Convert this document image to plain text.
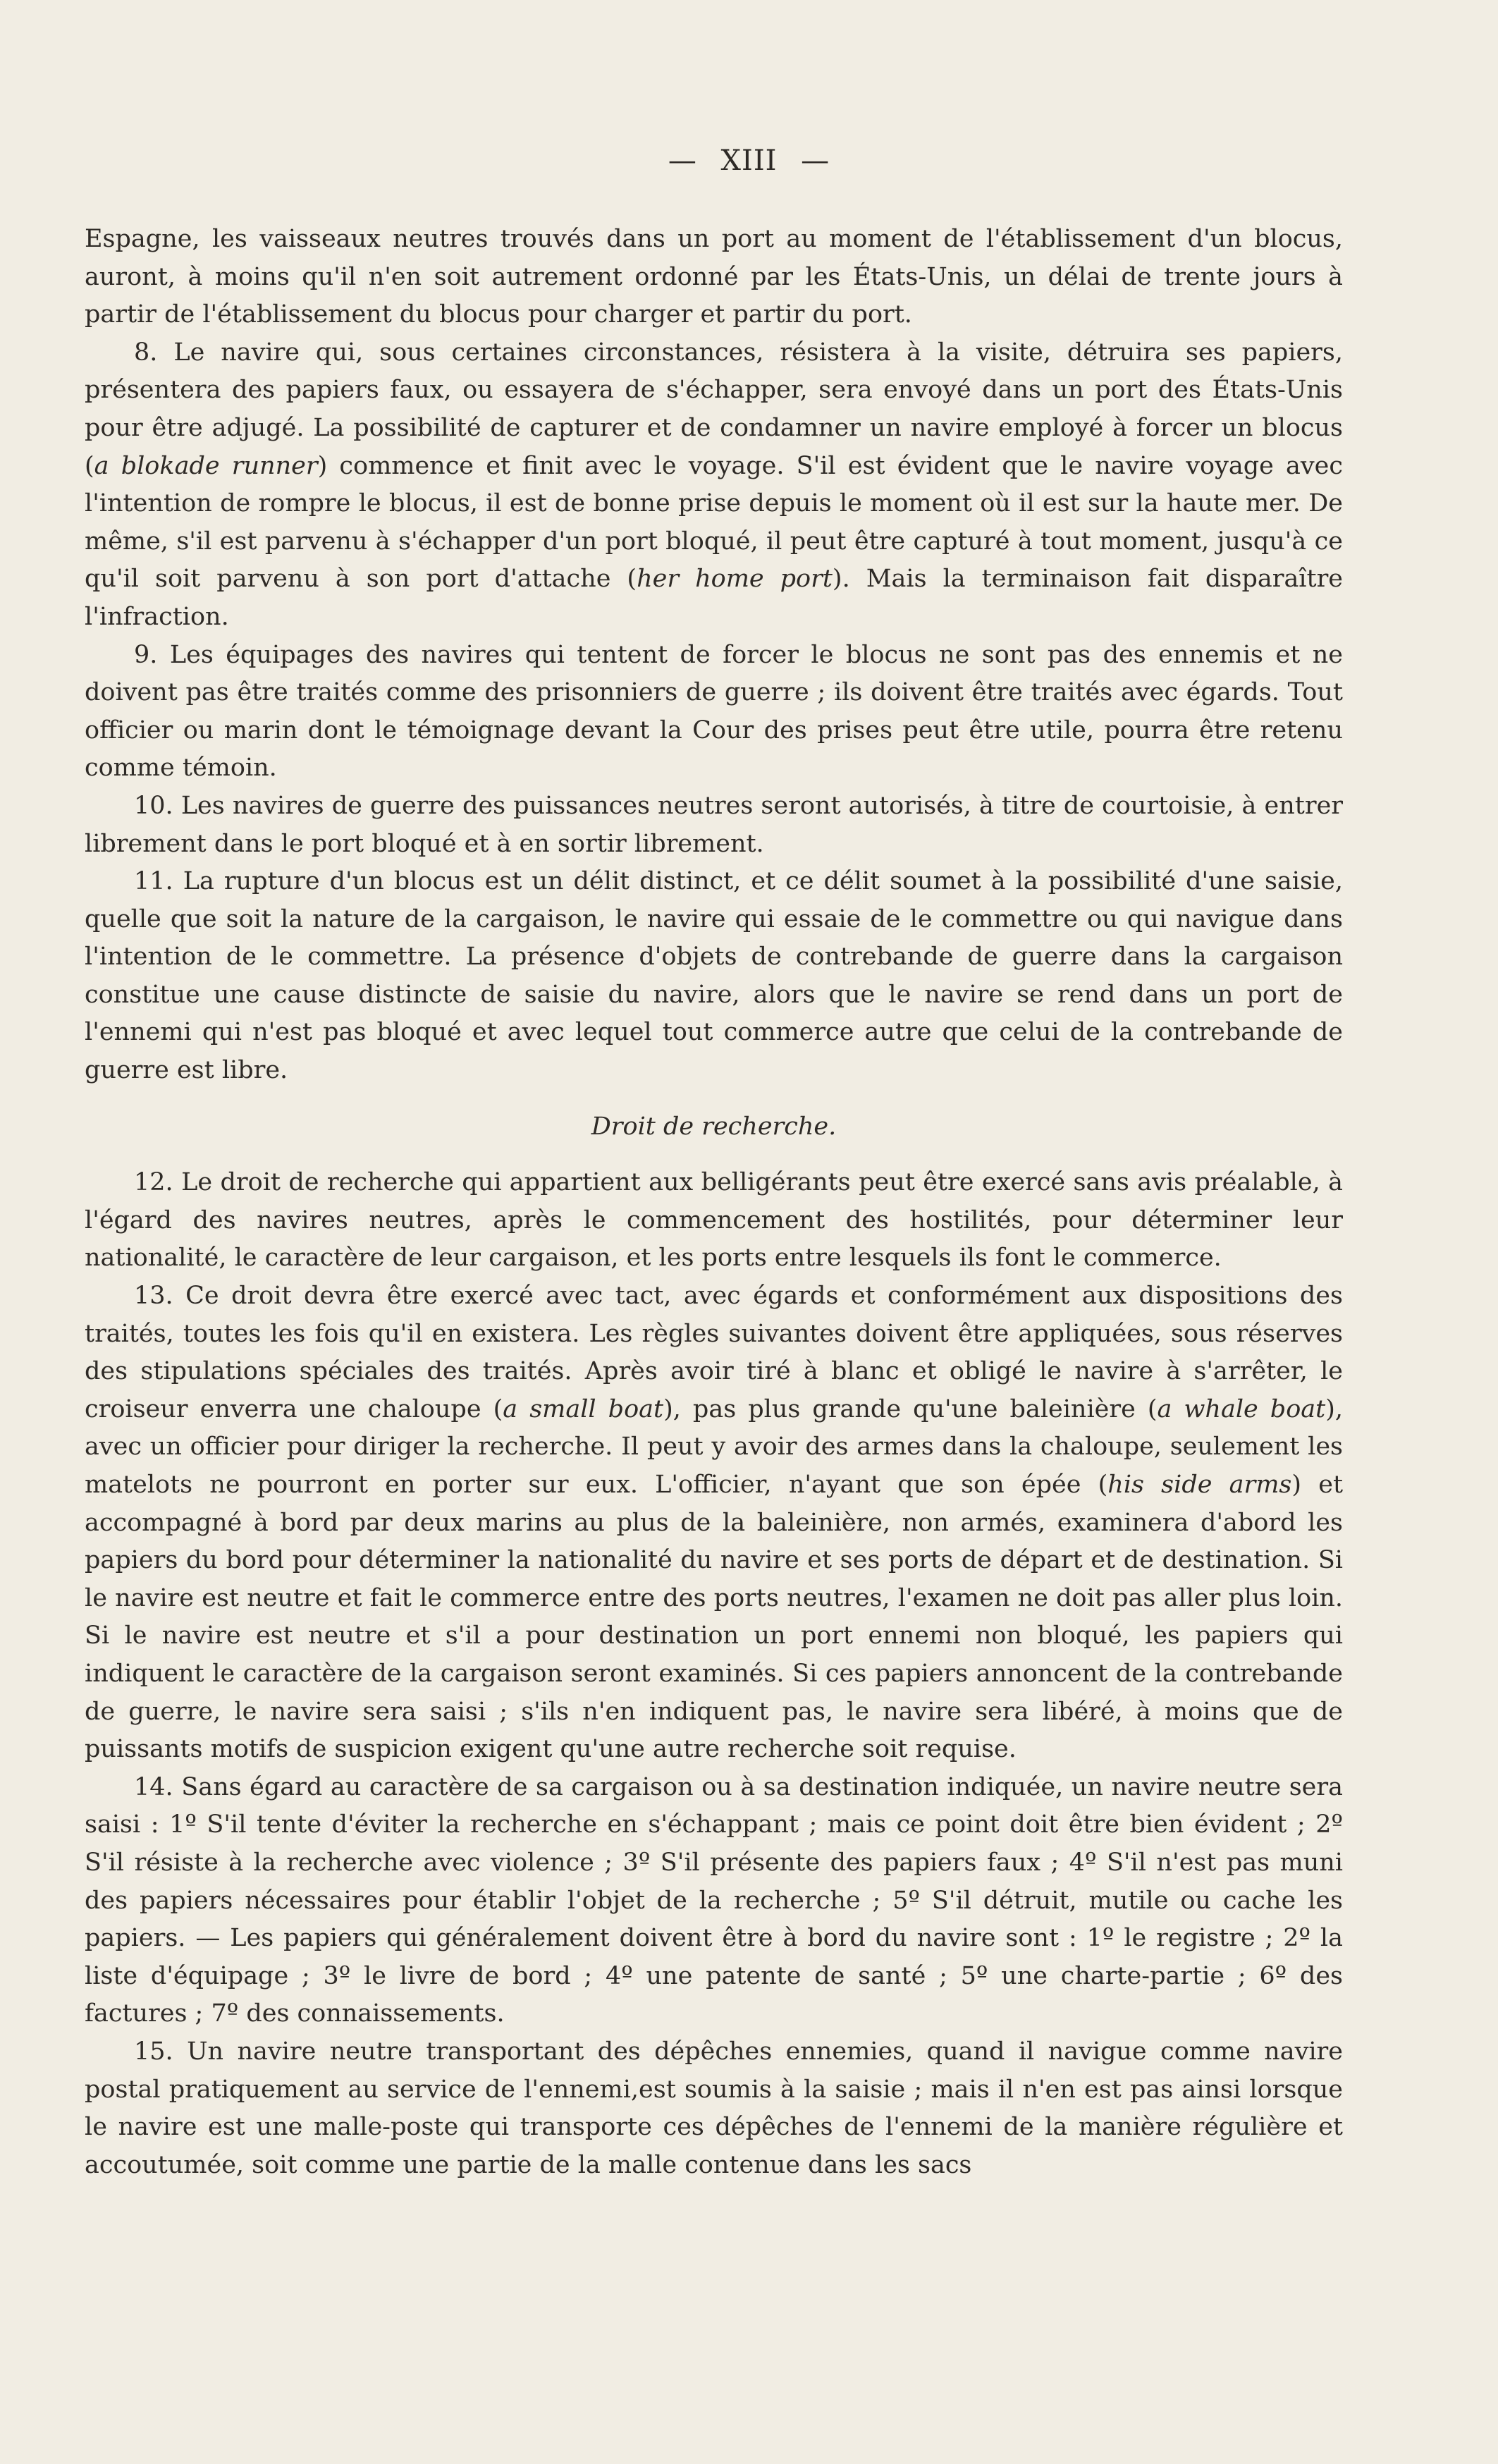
— XIII —

Espagne, les vaisseaux neutres trouvés dans un port au moment de l'établissement d'un blocus, auront, à moins qu'il n'en soit autrement ordonné par les États-Unis, un délai de trente jours à partir de l'établissement du blocus pour charger et partir du port.

8. Le navire qui, sous certaines circonstances, résistera à la visite, détruira ses papiers, présentera des papiers faux, ou essayera de s'échapper, sera envoyé dans un port des États-Unis pour être adjugé. La possibilité de capturer et de condamner un navire employé à forcer un blocus (a blokade runner) commence et finit avec le voyage. S'il est évident que le navire voyage avec l'intention de rompre le blocus, il est de bonne prise depuis le moment où il est sur la haute mer. De même, s'il est parvenu à s'échapper d'un port bloqué, il peut être capturé à tout moment, jusqu'à ce qu'il soit parvenu à son port d'attache (her home port). Mais la terminaison fait disparaître l'infraction.

9. Les équipages des navires qui tentent de forcer le blocus ne sont pas des ennemis et ne doivent pas être traités comme des prisonniers de guerre ; ils doivent être traités avec égards. Tout officier ou marin dont le témoignage devant la Cour des prises peut être utile, pourra être retenu comme témoin.

10. Les navires de guerre des puissances neutres seront autorisés, à titre de courtoisie, à entrer librement dans le port bloqué et à en sortir librement.

11. La rupture d'un blocus est un délit distinct, et ce délit soumet à la possibilité d'une saisie, quelle que soit la nature de la cargaison, le navire qui essaie de le commettre ou qui navigue dans l'intention de le commettre. La présence d'objets de contrebande de guerre dans la cargaison constitue une cause distincte de saisie du navire, alors que le navire se rend dans un port de l'ennemi qui n'est pas bloqué et avec lequel tout commerce autre que celui de la contrebande de guerre est libre.

Droit de recherche.

12. Le droit de recherche qui appartient aux belligérants peut être exercé sans avis préalable, à l'égard des navires neutres, après le commencement des hostilités, pour déterminer leur nationalité, le caractère de leur cargaison, et les ports entre lesquels ils font le commerce.

13. Ce droit devra être exercé avec tact, avec égards et conformément aux dispositions des traités, toutes les fois qu'il en existera. Les règles suivantes doivent être appliquées, sous réserves des stipulations spéciales des traités. Après avoir tiré à blanc et obligé le navire à s'arrêter, le croiseur enverra une chaloupe (a small boat), pas plus grande qu'une baleinière (a whale boat), avec un officier pour diriger la recherche. Il peut y avoir des armes dans la chaloupe, seulement les matelots ne pourront en porter sur eux. L'officier, n'ayant que son épée (his side arms) et accompagné à bord par deux marins au plus de la baleinière, non armés, examinera d'abord les papiers du bord pour déterminer la nationalité du navire et ses ports de départ et de destination. Si le navire est neutre et fait le commerce entre des ports neutres, l'examen ne doit pas aller plus loin. Si le navire est neutre et s'il a pour destination un port ennemi non bloqué, les papiers qui indiquent le caractère de la cargaison seront examinés. Si ces papiers annoncent de la contrebande de guerre, le navire sera saisi ; s'ils n'en indiquent pas, le navire sera libéré, à moins que de puissants motifs de suspicion exigent qu'une autre recherche soit requise.

14. Sans égard au caractère de sa cargaison ou à sa destination indiquée, un navire neutre sera saisi : 1º S'il tente d'éviter la recherche en s'échappant ; mais ce point doit être bien évident ; 2º S'il résiste à la recherche avec violence ; 3º S'il présente des papiers faux ; 4º S'il n'est pas muni des papiers nécessaires pour établir l'objet de la recherche ; 5º S'il détruit, mutile ou cache les papiers. — Les papiers qui généralement doivent être à bord du navire sont : 1º le registre ; 2º la liste d'équipage ; 3º le livre de bord ; 4º une patente de santé ; 5º une charte-partie ; 6º des factures ; 7º des connaissements.

15. Un navire neutre transportant des dépêches ennemies, quand il navigue comme navire postal pratiquement au service de l'ennemi,est soumis à la saisie ; mais il n'en est pas ainsi lorsque le navire est une malle-poste qui transporte ces dépêches de l'ennemi de la manière régulière et accoutumée, soit comme une partie de la malle contenue dans les sacs
